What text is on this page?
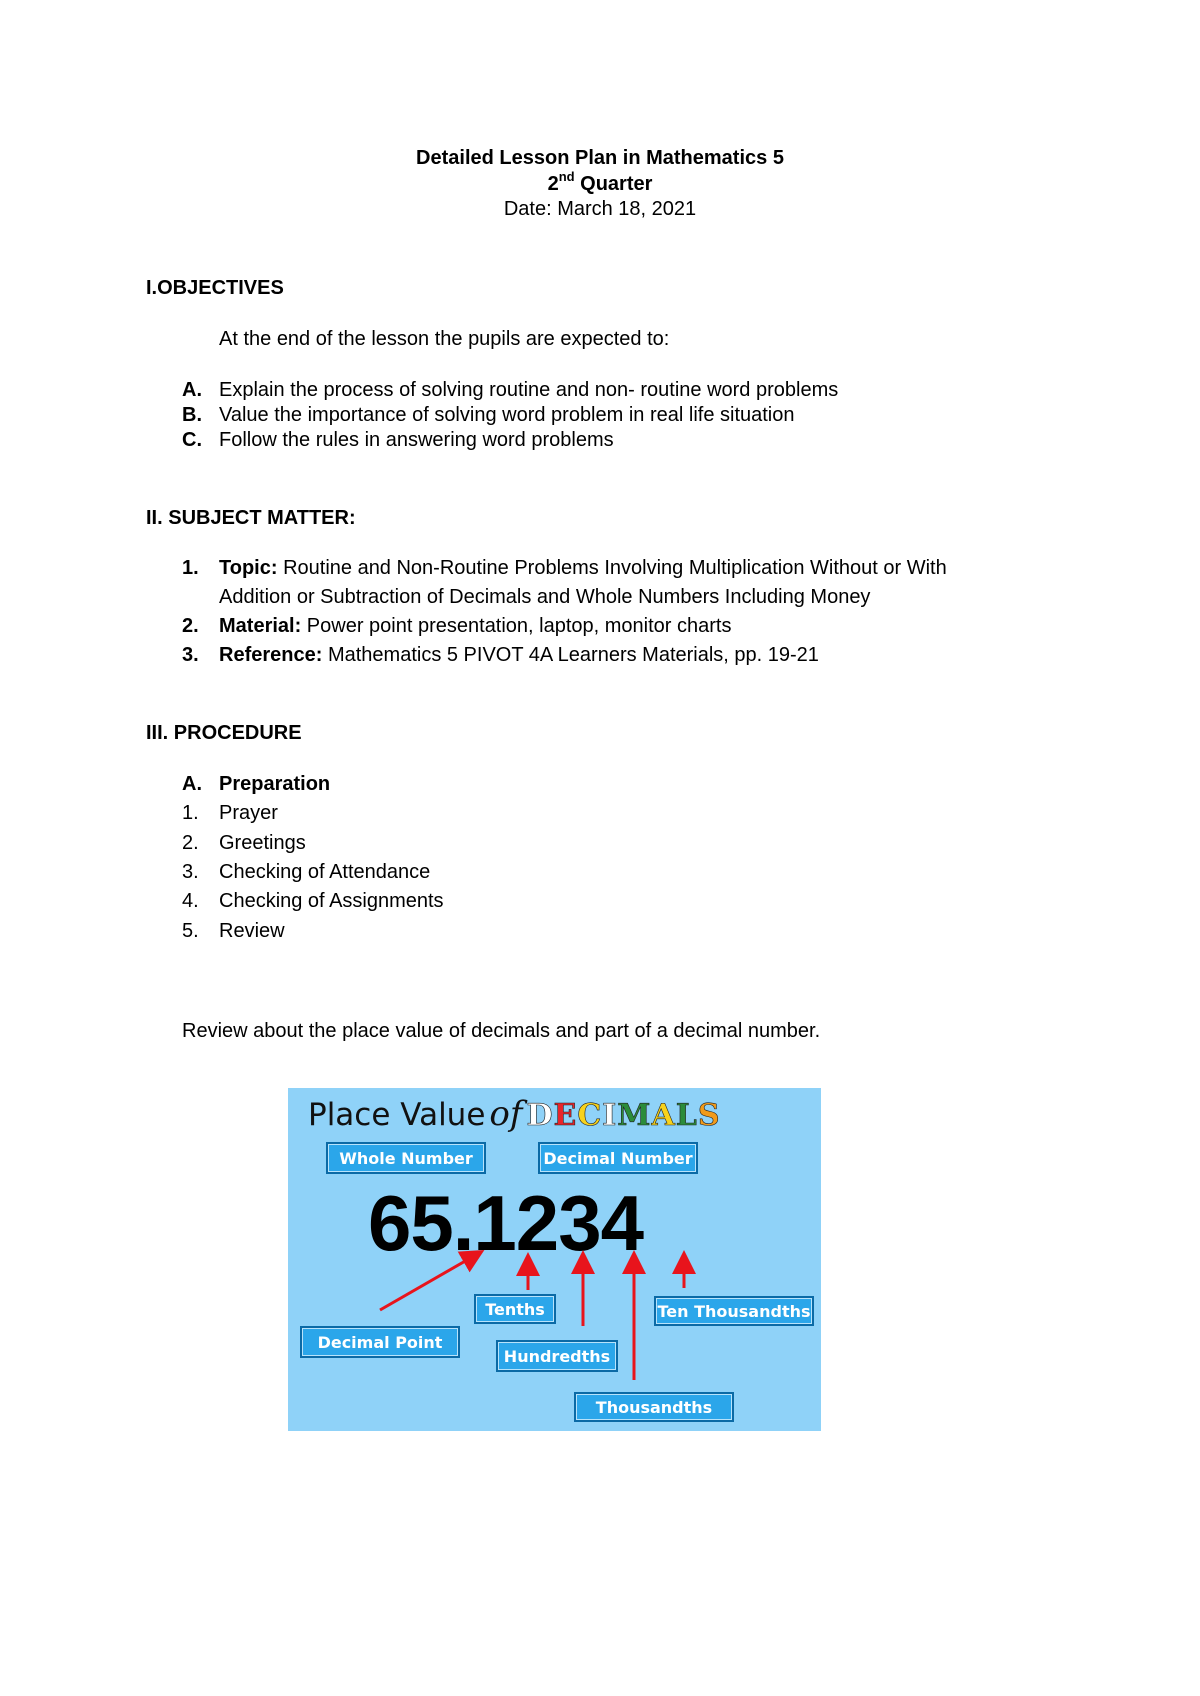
Detailed Lesson Plan in Mathematics 5
2nd Quarter
Date: March 18, 2021
I.OBJECTIVES
At the end of the lesson the pupils are expected to:
A. Explain the process of solving routine and non- routine word problems
B. Value the importance of solving word problem in real life situation
C. Follow the rules in answering word problems
II. SUBJECT MATTER:
1. Topic: Routine and Non-Routine Problems Involving Multiplication Without or With
Addition or Subtraction of Decimals and Whole Numbers Including Money
2. Material: Power point presentation, laptop, monitor charts
3. Reference: Mathematics 5 PIVOT 4A Learners Materials, pp. 19-21
III. PROCEDURE
A. Preparation
1. Prayer
2. Greetings
3. Checking of Attendance
4. Checking of Assignments
5. Review
Review about the place value of decimals and part of a decimal number.
Place Value of DECIMALS
Whole Number	Decimal Number
65.1234
Tenths	Ten Thousandths
Decimal Point
Hundredths
Thousandths
